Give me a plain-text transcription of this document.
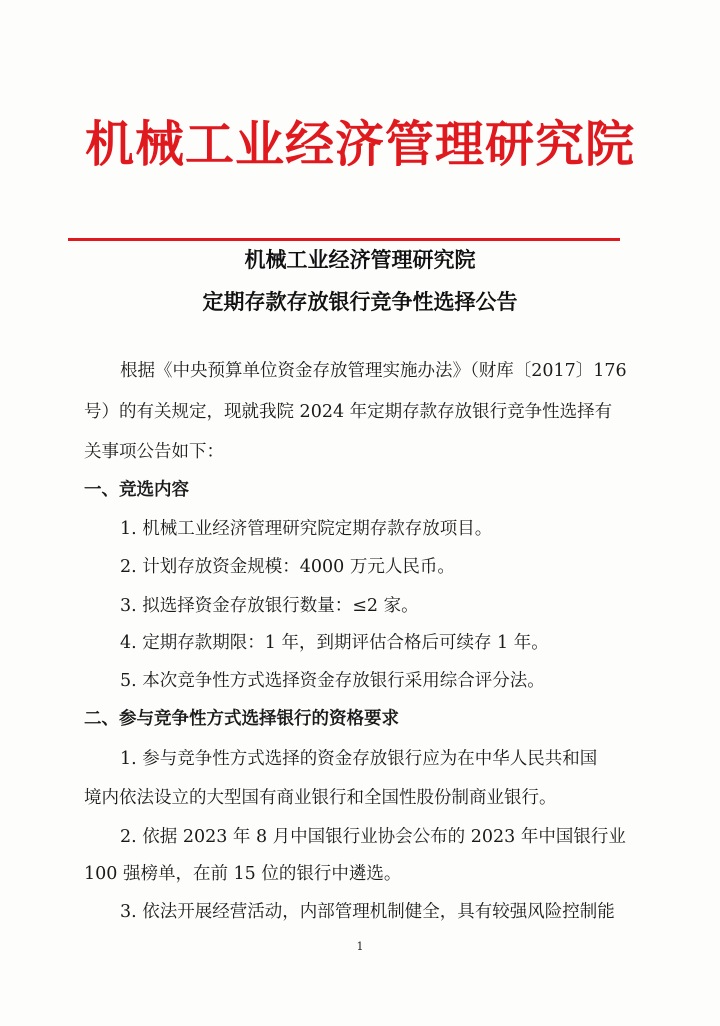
机械工业经济管理研究院
机械工业经济管理研究院
定期存款存放银行竞争性选择公告
根据《中央预算单位资金存放管理实施办法》（财库〔2017〕176
号）的有关规定，现就我院 2024 年定期存款存放银行竞争性选择有
关事项公告如下：
一、竞选内容
1. 机械工业经济管理研究院定期存款存放项目。
2. 计划存放资金规模：4000 万元人民币。
3. 拟选择资金存放银行数量：≤2 家。
4. 定期存款期限：1 年，到期评估合格后可续存 1 年。
5. 本次竞争性方式选择资金存放银行采用综合评分法。
二、参与竞争性方式选择银行的资格要求
1. 参与竞争性方式选择的资金存放银行应为在中华人民共和国
境内依法设立的大型国有商业银行和全国性股份制商业银行。
2. 依据 2023 年 8 月中国银行业协会公布的 2023 年中国银行业
100 强榜单，在前 15 位的银行中遴选。
3. 依法开展经营活动，内部管理机制健全，具有较强风险控制能
1
